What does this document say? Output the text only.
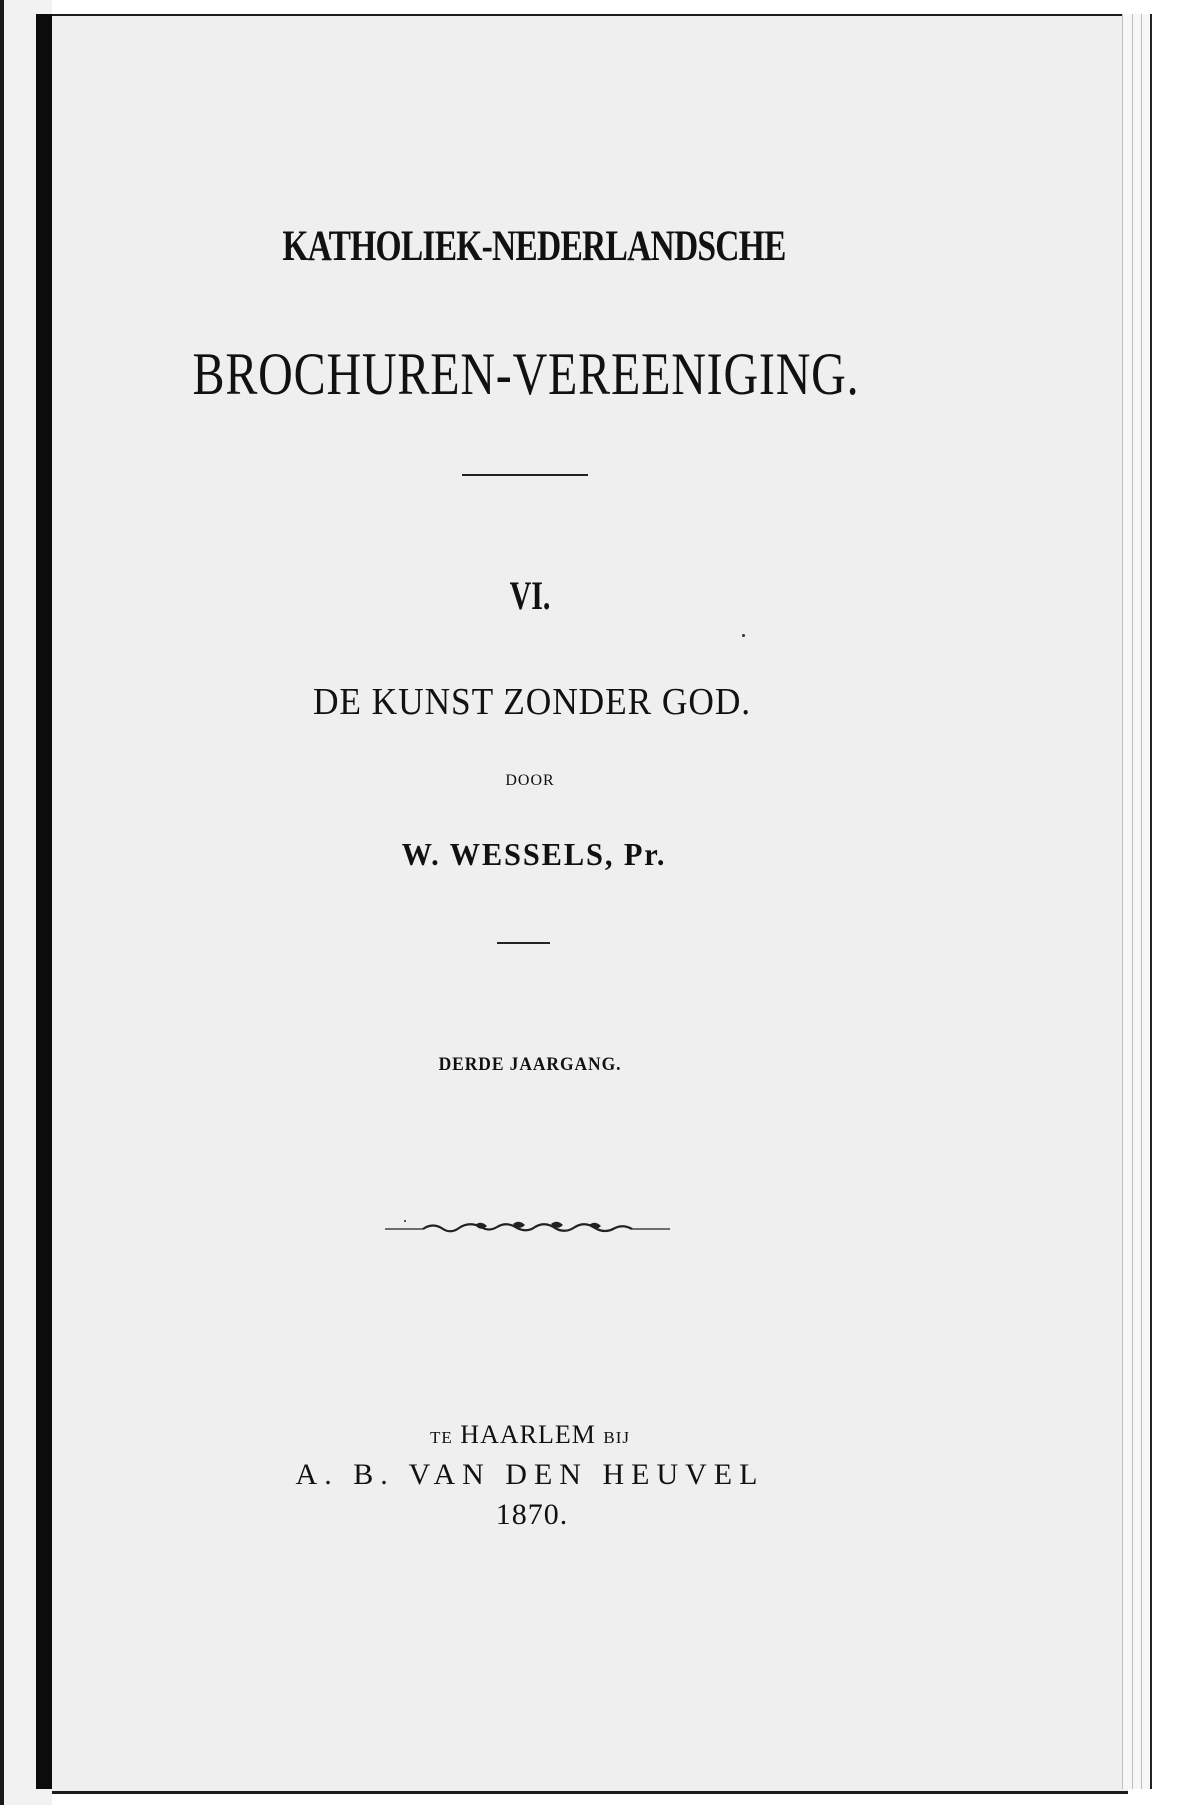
KATHOLIEK-NEDERLANDSCHE

BROCHUREN-VEREENIGING.

VI.

DE KUNST ZONDER GOD.

DOOR

W. WESSELS, Pr.

DERDE JAARGANG.

TE HAARLEM BIJ

A. B. VAN DEN HEUVEL

1870.
